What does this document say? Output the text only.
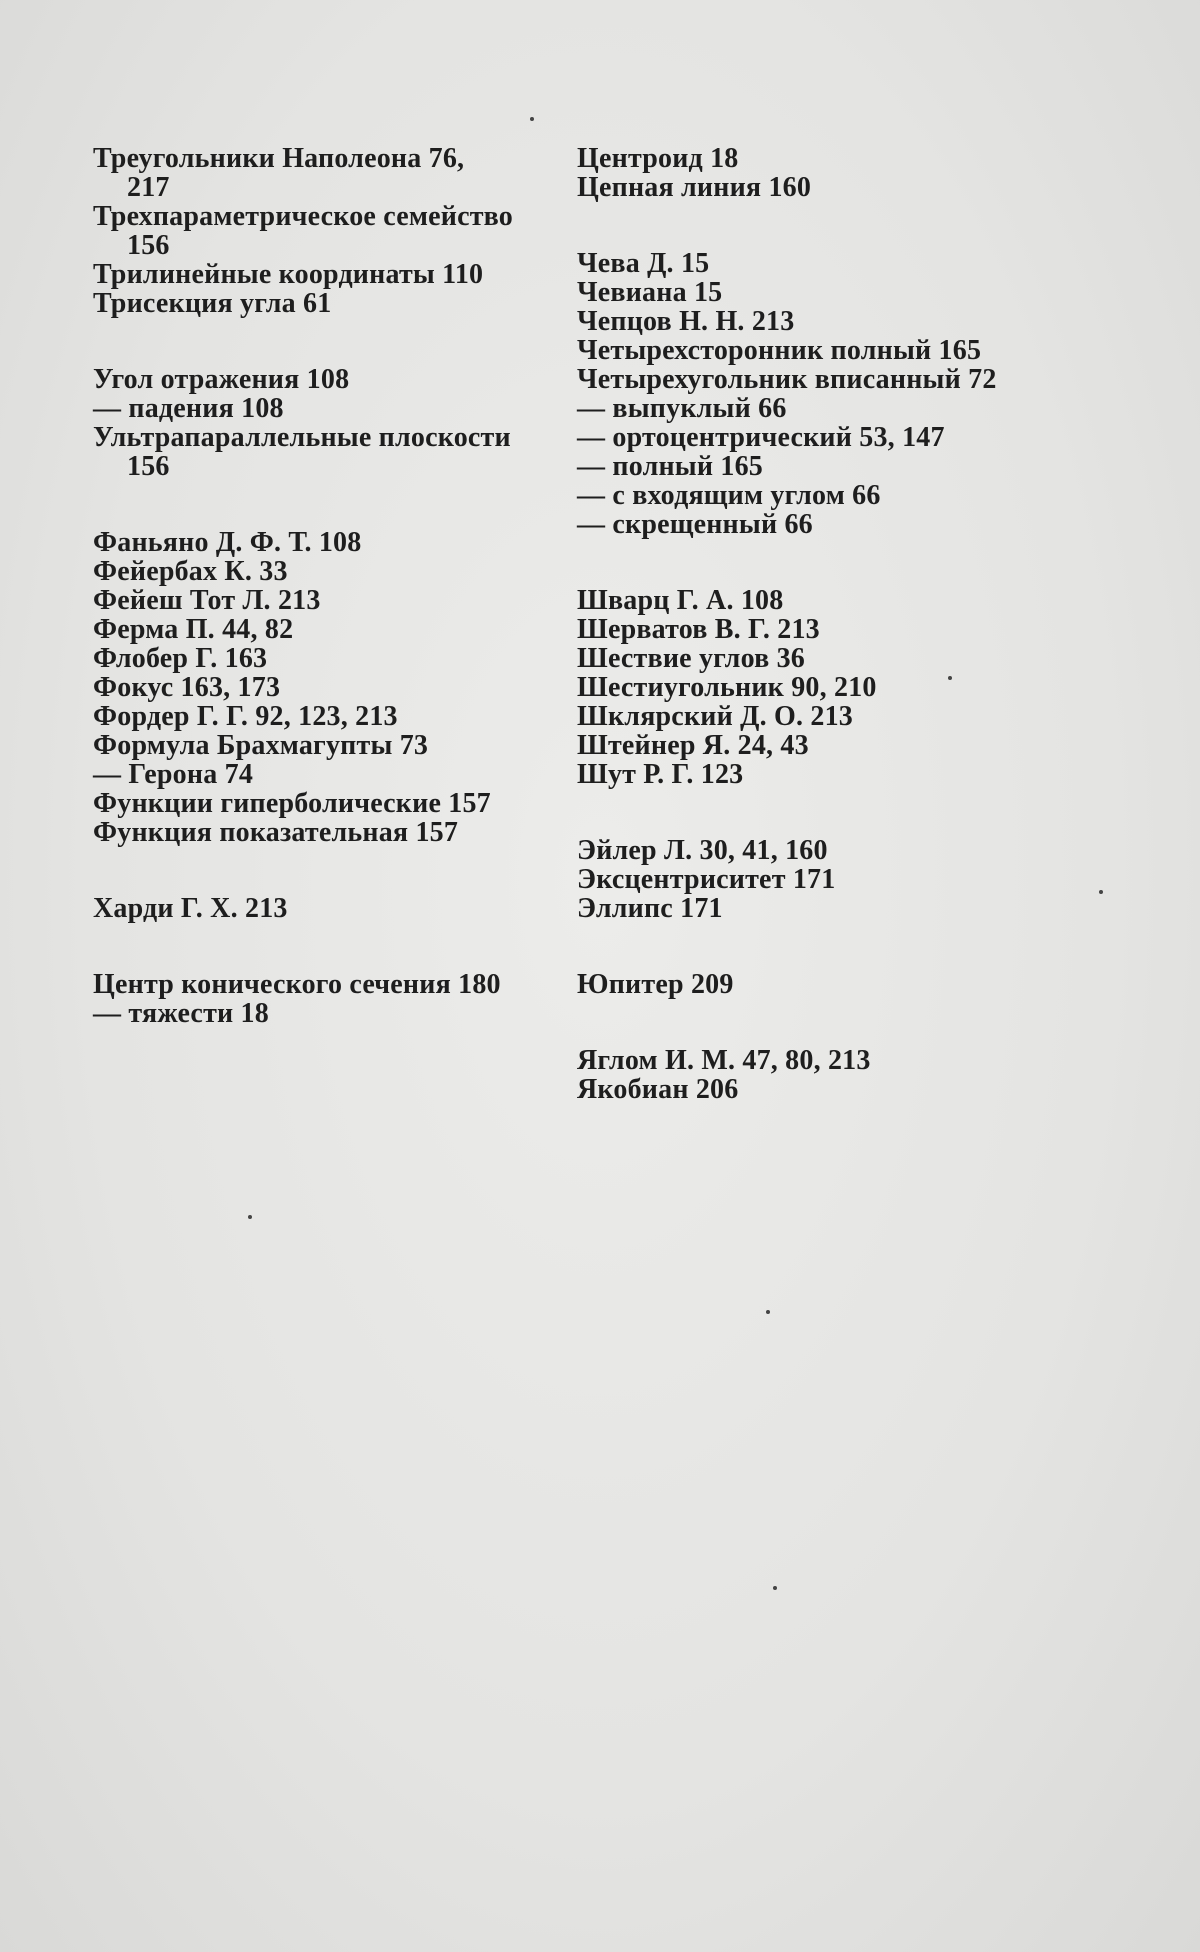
Треугольники Наполеона 76,
217
Трехпараметрическое семейство
156
Трилинейные координаты 110
Трисекция угла 61
Угол отражения 108
— падения 108
Ультрапараллельные плоскости
156
Фаньяно Д. Ф. Т. 108
Фейербах К. 33
Фейеш Тот Л. 213
Ферма П. 44, 82
Флобер Г. 163
Фокус 163, 173
Фордер Г. Г. 92, 123, 213
Формула Брахмагупты 73
— Герона 74
Функции гиперболические 157
Функция показательная 157
Харди Г. Х. 213
Центр конического сечения 180
— тяжести 18
Центроид 18
Цепная линия 160
Чева Д. 15
Чевиана 15
Чепцов Н. Н. 213
Четырехсторонник полный 165
Четырехугольник вписанный 72
— выпуклый 66
— ортоцентрический 53, 147
— полный 165
— с входящим углом 66
— скрещенный 66
Шварц Г. А. 108
Шерватов В. Г. 213
Шествие углов 36
Шестиугольник 90, 210
Шклярский Д. О. 213
Штейнер Я. 24, 43
Шут Р. Г. 123
Эйлер Л. 30, 41, 160
Эксцентриситет 171
Эллипс 171
Юпитер 209
Яглом И. М. 47, 80, 213
Якобиан 206
